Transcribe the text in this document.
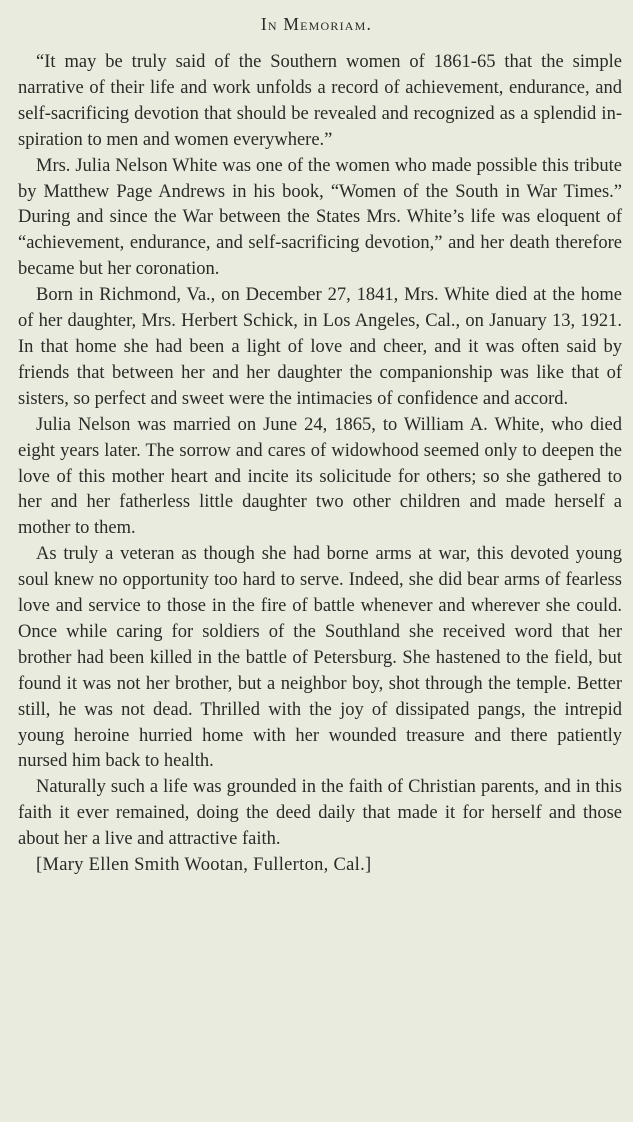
In Memoriam.

“It may be truly said of the Southern women of 1861-65 that the simple narrative of their life and work unfolds a record of achievement, endurance, and self-sacrificing devotion that should be revealed and recognized as a splendid inspiration to men and women everywhere.”

Mrs. Julia Nelson White was one of the women who made possible this tribute by Matthew Page Andrews in his book, “Women of the South in War Times.” During and since the War between the States Mrs. White’s life was eloquent of “achievement, endurance, and self-sacrificing devotion,” and her death therefore became but her coronation.

Born in Richmond, Va., on December 27, 1841, Mrs. White died at the home of her daughter, Mrs. Herbert Schick, in Los Angeles, Cal., on January 13, 1921. In that home she had been a light of love and cheer, and it was often said by friends that between her and her daughter the companionship was like that of sisters, so perfect and sweet were the intimacies of confidence and accord.

Julia Nelson was married on June 24, 1865, to William A. White, who died eight years later. The sorrow and cares of widowhood seemed only to deepen the love of this mother heart and incite its solicitude for others; so she gathered to her and her fatherless little daughter two other children and made herself a mother to them.

As truly a veteran as though she had borne arms at war, this devoted young soul knew no opportunity too hard to serve. Indeed, she did bear arms of fearless love and service to those in the fire of battle whenever and wherever she could. Once while caring for soldiers of the Southland she received word that her brother had been killed in the battle of Petersburg. She hastened to the field, but found it was not her brother, but a neighbor boy, shot through the temple. Better still, he was not dead. Thrilled with the joy of dissipated pangs, the intrepid young heroine hurried home with her wounded treasure and there patiently nursed him back to health.

Naturally such a life was grounded in the faith of Christian parents, and in this faith it ever remained, doing the deed daily that made it for herself and those about her a live and attractive faith.

[Mary Ellen Smith Wootan, Fullerton, Cal.]
